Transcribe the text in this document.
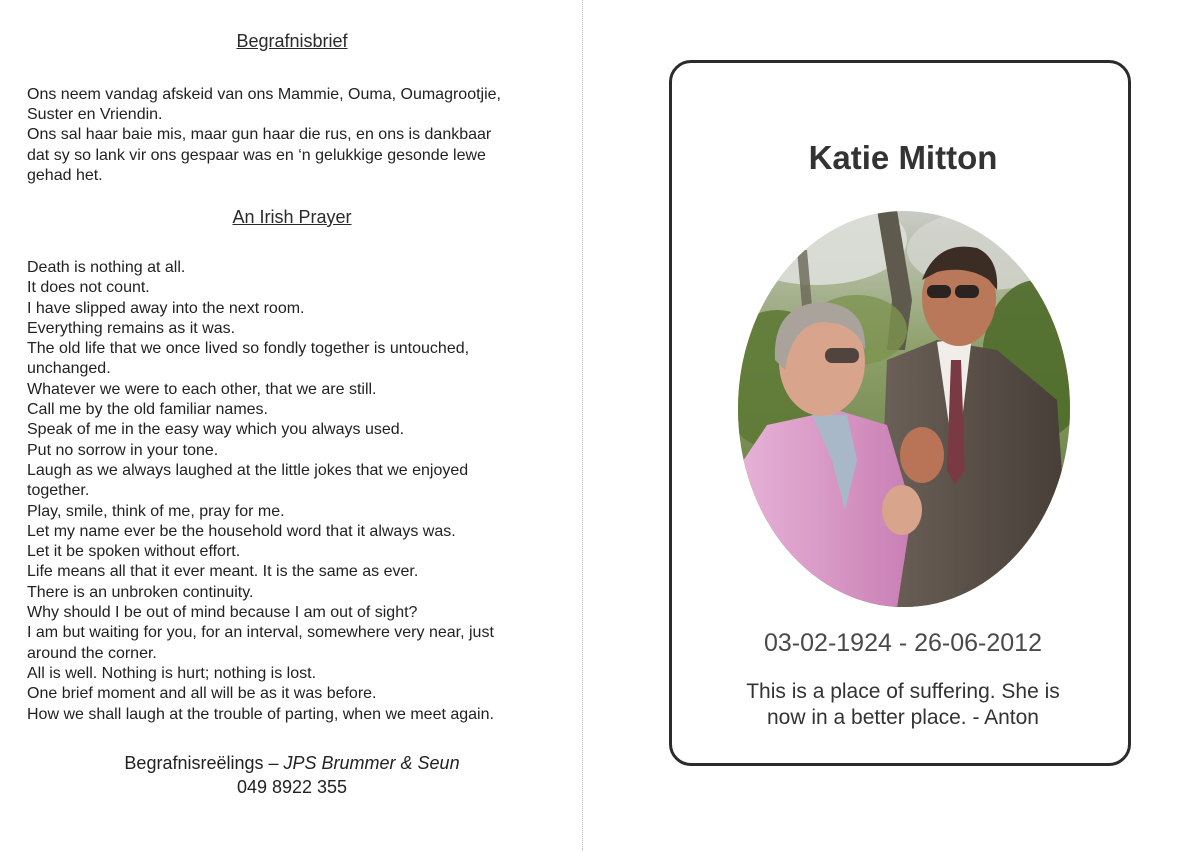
Begrafnisbrief
Ons neem vandag afskeid van ons Mammie, Ouma, Oumagrootjie,
Suster en Vriendin.
Ons sal haar baie mis, maar gun haar die rus, en ons is dankbaar
dat sy so lank vir ons gespaar was en ‘n gelukkige gesonde lewe
gehad het.
An Irish Prayer
Death is nothing at all.
It does not count.
I have slipped away into the next room.
Everything remains as it was.
The old life that we once lived so fondly together is untouched,
unchanged.
Whatever we were to each other, that we are still.
Call me by the old familiar names.
Speak of me in the easy way which you always used.
Put no sorrow in your tone.
Laugh as we always laughed at the little jokes that we enjoyed
together.
Play, smile, think of me, pray for me.
Let my name ever be the household word that it always was.
Let it be spoken without effort.
Life means all that it ever meant. It is the same as ever.
There is an unbroken continuity.
Why should I be out of mind because I am out of sight?
I am but waiting for you, for an interval, somewhere very near, just
around the corner.
All is well. Nothing is hurt; nothing is lost.
One brief moment and all will be as it was before.
How we shall laugh at the trouble of parting, when we meet again.
Begrafnisreëlings – JPS Brummer & Seun
049 8922 355
Katie Mitton
03-02-1924 - 26-06-2012
This is a place of suffering. She is
now in a better place. - Anton
